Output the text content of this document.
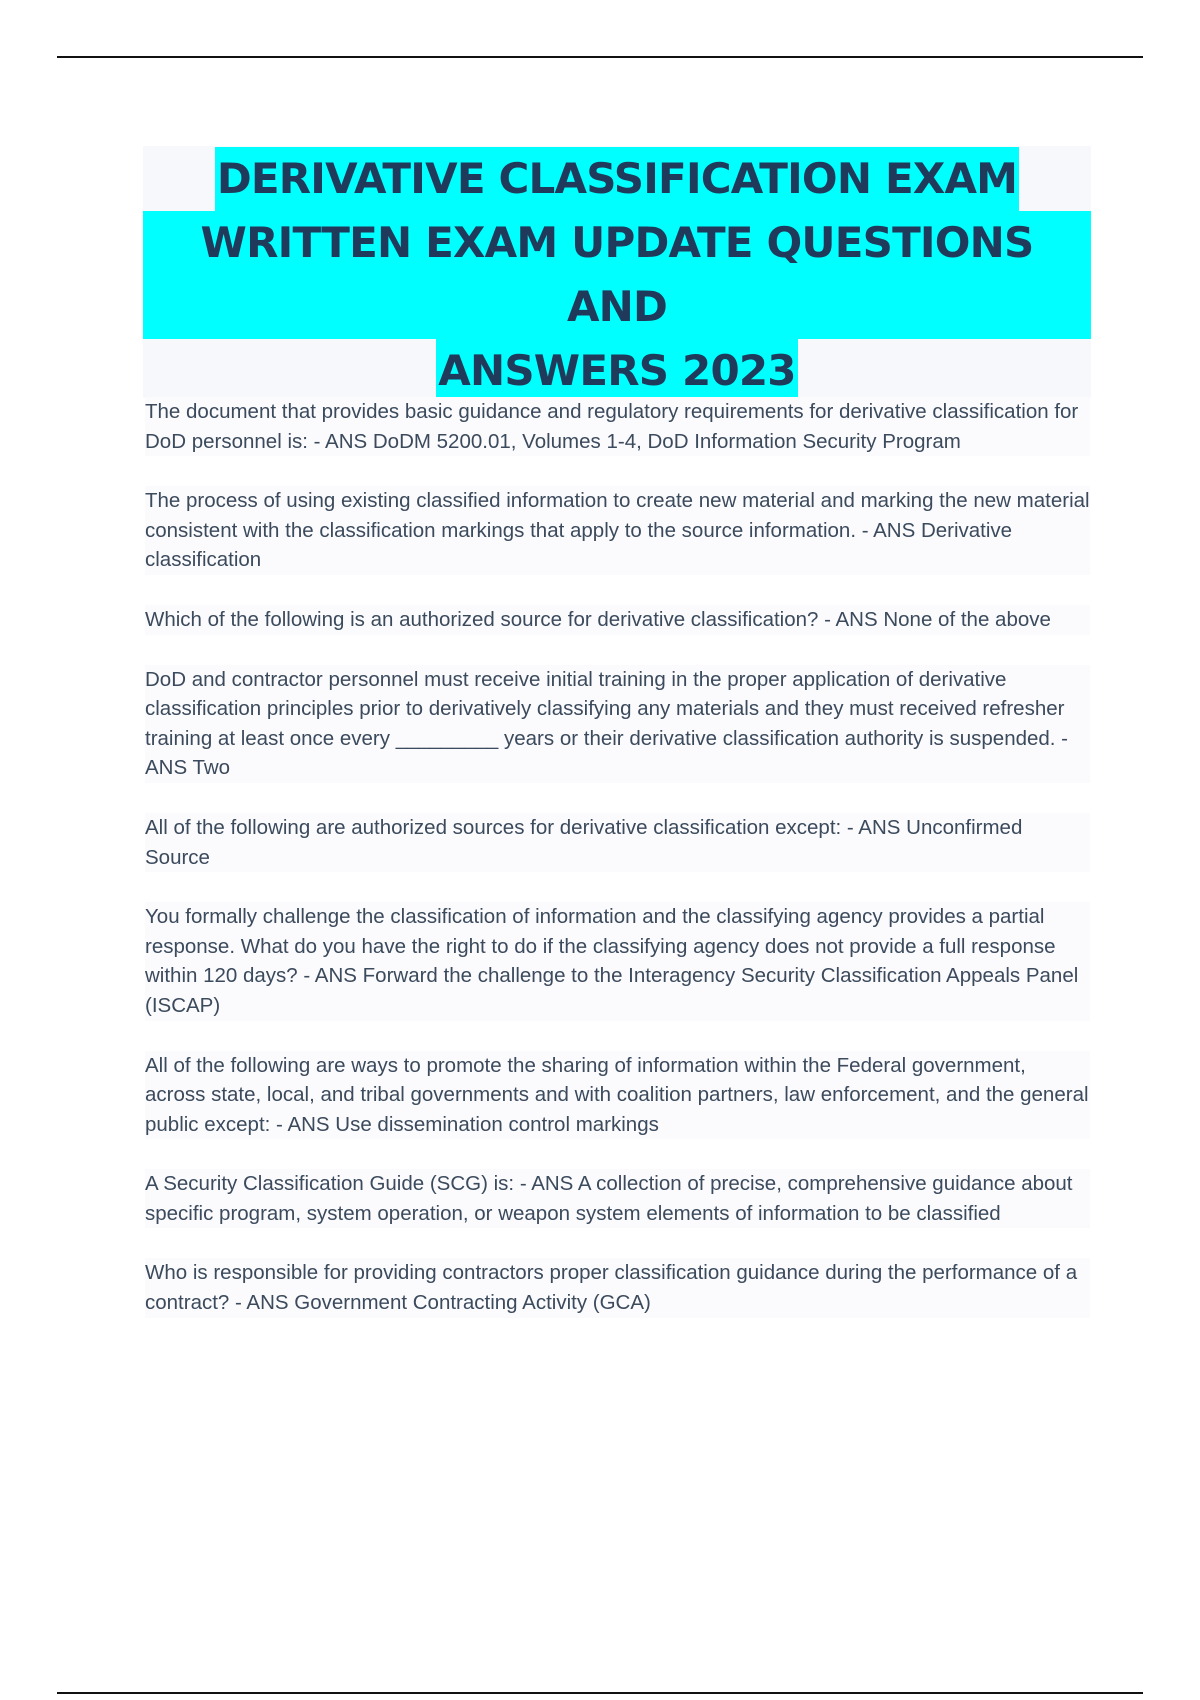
DERIVATIVE CLASSIFICATION EXAM
WRITTEN EXAM UPDATE QUESTIONS AND
ANSWERS 2023

The document that provides basic guidance and regulatory requirements for derivative classification for DoD personnel is: - ANS DoDM 5200.01, Volumes 1-4, DoD Information Security Program

The process of using existing classified information to create new material and marking the new material consistent with the classification markings that apply to the source information. - ANS Derivative classification

Which of the following is an authorized source for derivative classification? - ANS None of the above

DoD and contractor personnel must receive initial training in the proper application of derivative classification principles prior to derivatively classifying any materials and they must received refresher training at least once every _________ years or their derivative classification authority is suspended. - ANS Two

All of the following are authorized sources for derivative classification except: - ANS Unconfirmed Source

You formally challenge the classification of information and the classifying agency provides a partial response. What do you have the right to do if the classifying agency does not provide a full response within 120 days? - ANS Forward the challenge to the Interagency Security Classification Appeals Panel (ISCAP)

All of the following are ways to promote the sharing of information within the Federal government, across state, local, and tribal governments and with coalition partners, law enforcement, and the general public except: - ANS Use dissemination control markings

A Security Classification Guide (SCG) is: - ANS A collection of precise, comprehensive guidance about specific program, system operation, or weapon system elements of information to be classified

Who is responsible for providing contractors proper classification guidance during the performance of a contract? - ANS Government Contracting Activity (GCA)
